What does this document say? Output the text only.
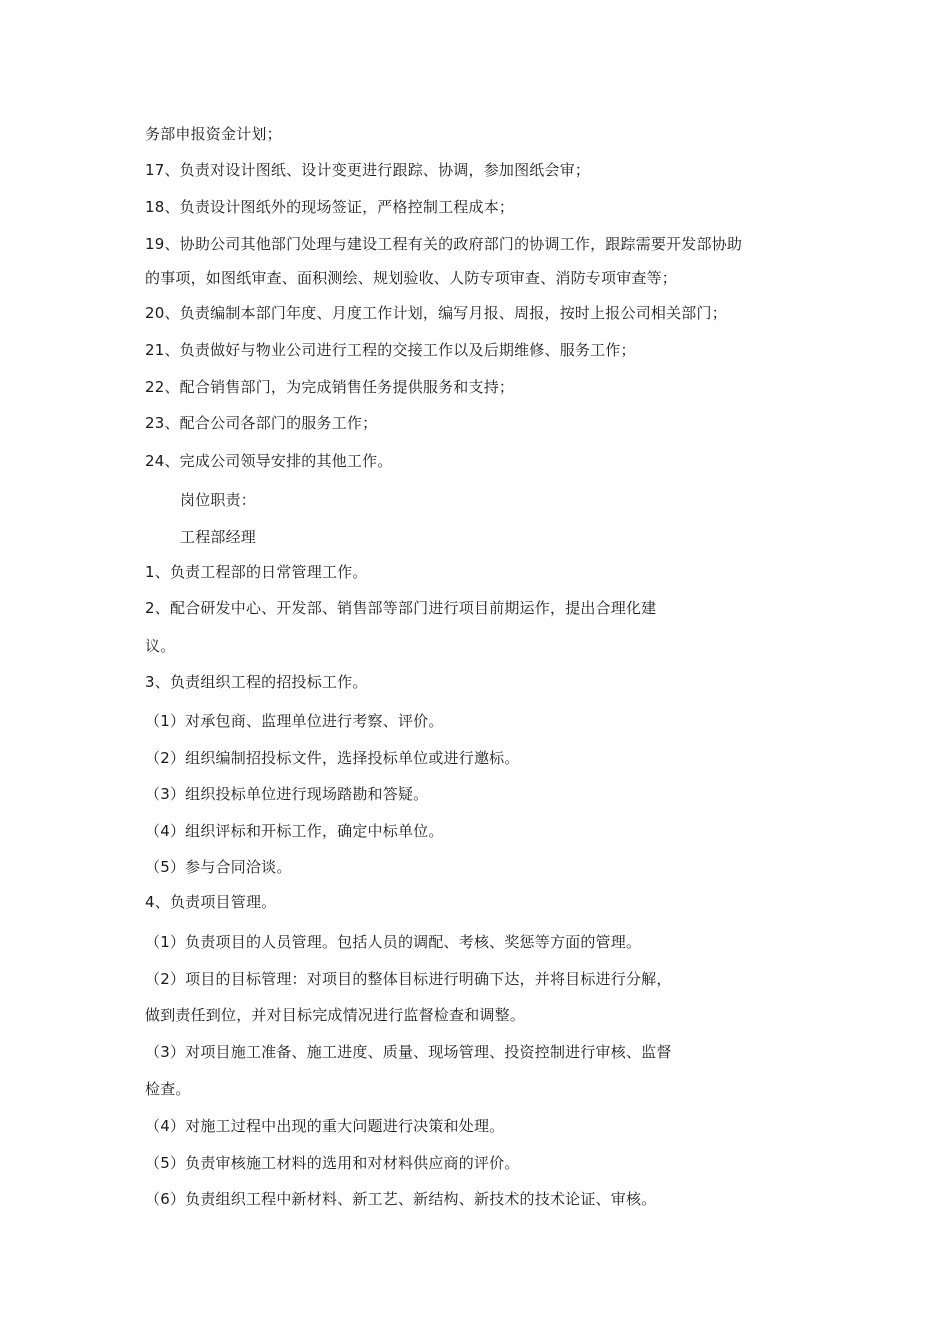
务部申报资金计划；
17、负责对设计图纸、设计变更进行跟踪、协调，参加图纸会审；
18、负责设计图纸外的现场签证，严格控制工程成本；
19、协助公司其他部门处理与建设工程有关的政府部门的协调工作，跟踪需要开发部协助
的事项，如图纸审查、面积测绘、规划验收、人防专项审查、消防专项审查等；
20、负责编制本部门年度、月度工作计划，编写月报、周报，按时上报公司相关部门；
21、负责做好与物业公司进行工程的交接工作以及后期维修、服务工作；
22、配合销售部门，为完成销售任务提供服务和支持；
23、配合公司各部门的服务工作；
24、完成公司领导安排的其他工作。
岗位职责：
工程部经理
1、负责工程部的日常管理工作。
2、配合研发中心、开发部、销售部等部门进行项目前期运作，提出合理化建
议。
3、负责组织工程的招投标工作。
（1）对承包商、监理单位进行考察、评价。
（2）组织编制招投标文件，选择投标单位或进行邀标。
（3）组织投标单位进行现场踏勘和答疑。
（4）组织评标和开标工作，确定中标单位。
（5）参与合同洽谈。
4、负责项目管理。
（1）负责项目的人员管理。包括人员的调配、考核、奖惩等方面的管理。
（2）项目的目标管理：对项目的整体目标进行明确下达，并将目标进行分解，
做到责任到位，并对目标完成情况进行监督检查和调整。
（3）对项目施工准备、施工进度、质量、现场管理、投资控制进行审核、监督
检查。
（4）对施工过程中出现的重大问题进行决策和处理。
（5）负责审核施工材料的选用和对材料供应商的评价。
（6）负责组织工程中新材料、新工艺、新结构、新技术的技术论证、审核。
